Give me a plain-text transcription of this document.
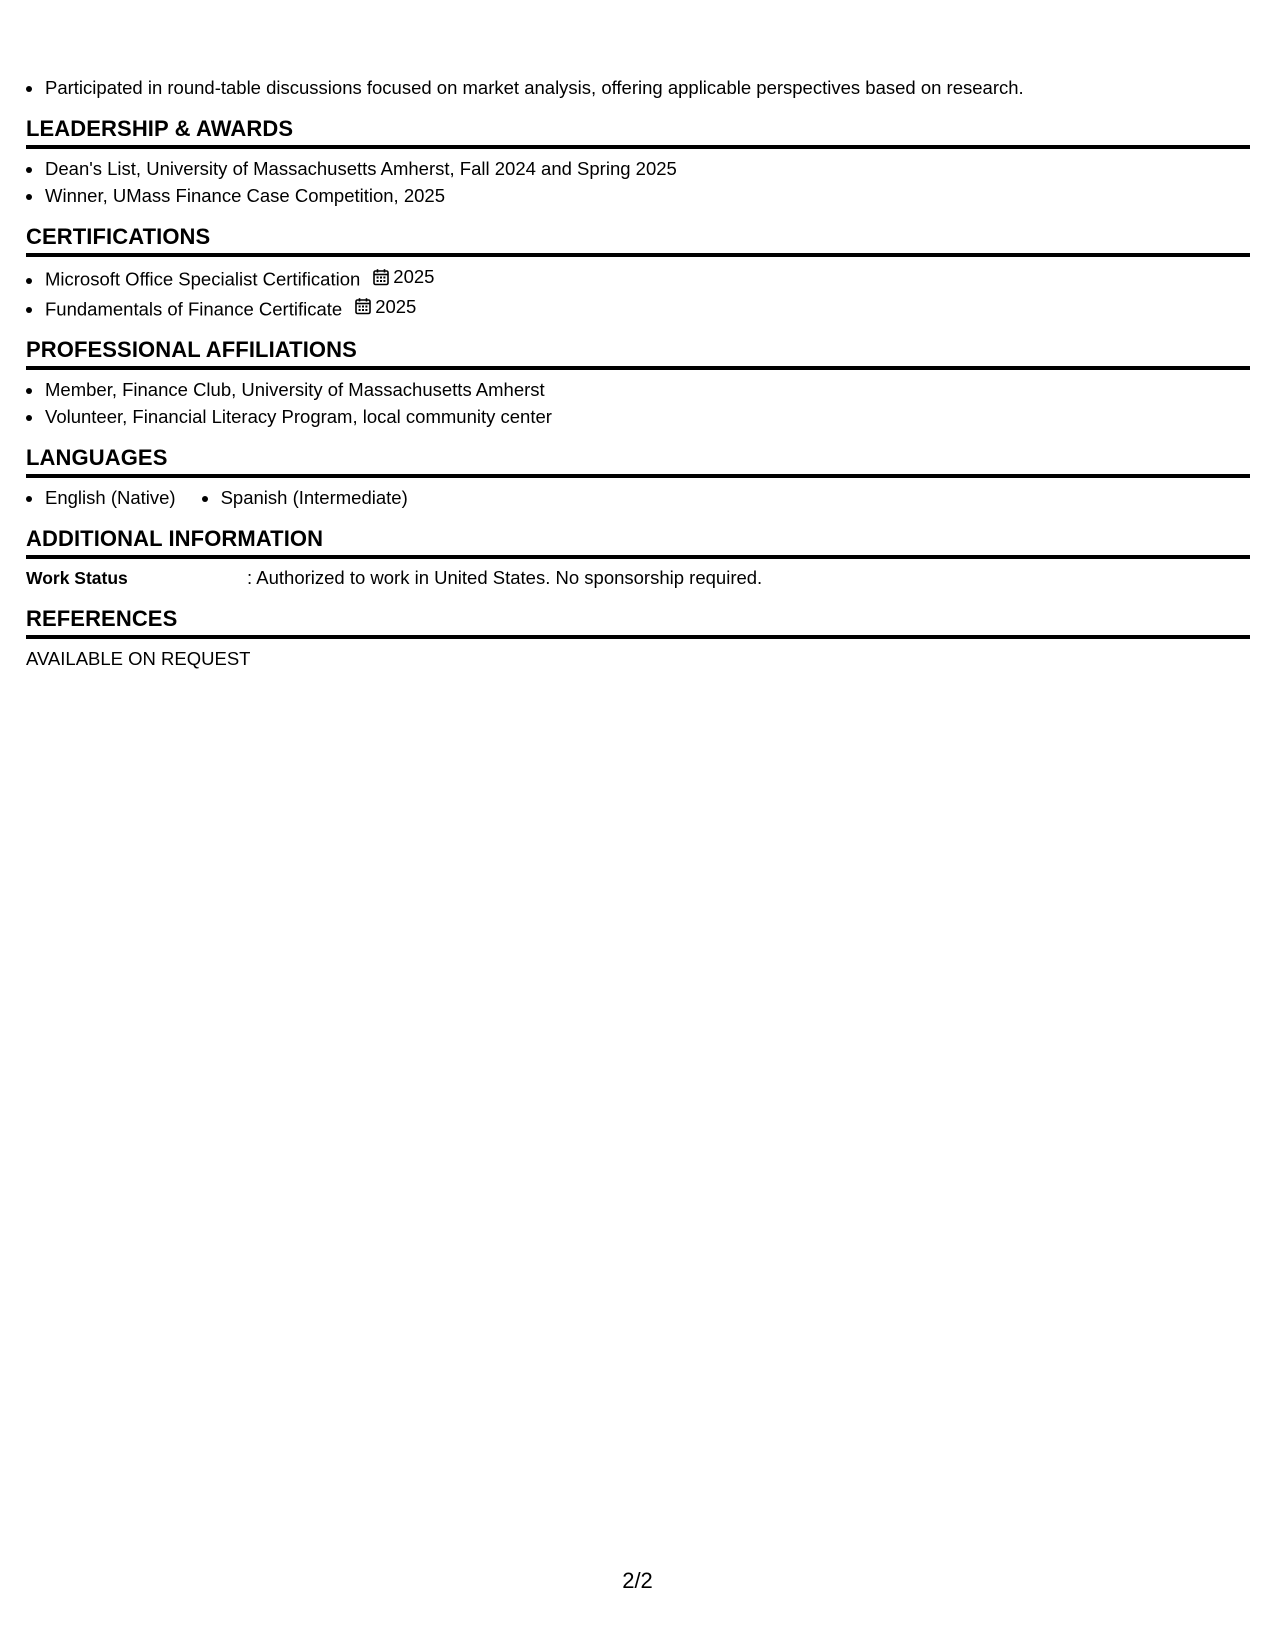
• Participated in round-table discussions focused on market analysis, offering applicable perspectives based on research.
LEADERSHIP & AWARDS
• Dean's List, University of Massachusetts Amherst, Fall 2024 and Spring 2025
• Winner, UMass Finance Case Competition, 2025
CERTIFICATIONS
• Microsoft Office Specialist Certification 2025
• Fundamentals of Finance Certificate 2025
PROFESSIONAL AFFILIATIONS
• Member, Finance Club, University of Massachusetts Amherst
• Volunteer, Financial Literacy Program, local community center
LANGUAGES
• English (Native)
• Spanish (Intermediate)
ADDITIONAL INFORMATION
Work Status	: Authorized to work in United States. No sponsorship required.
REFERENCES
AVAILABLE ON REQUEST
2/2
